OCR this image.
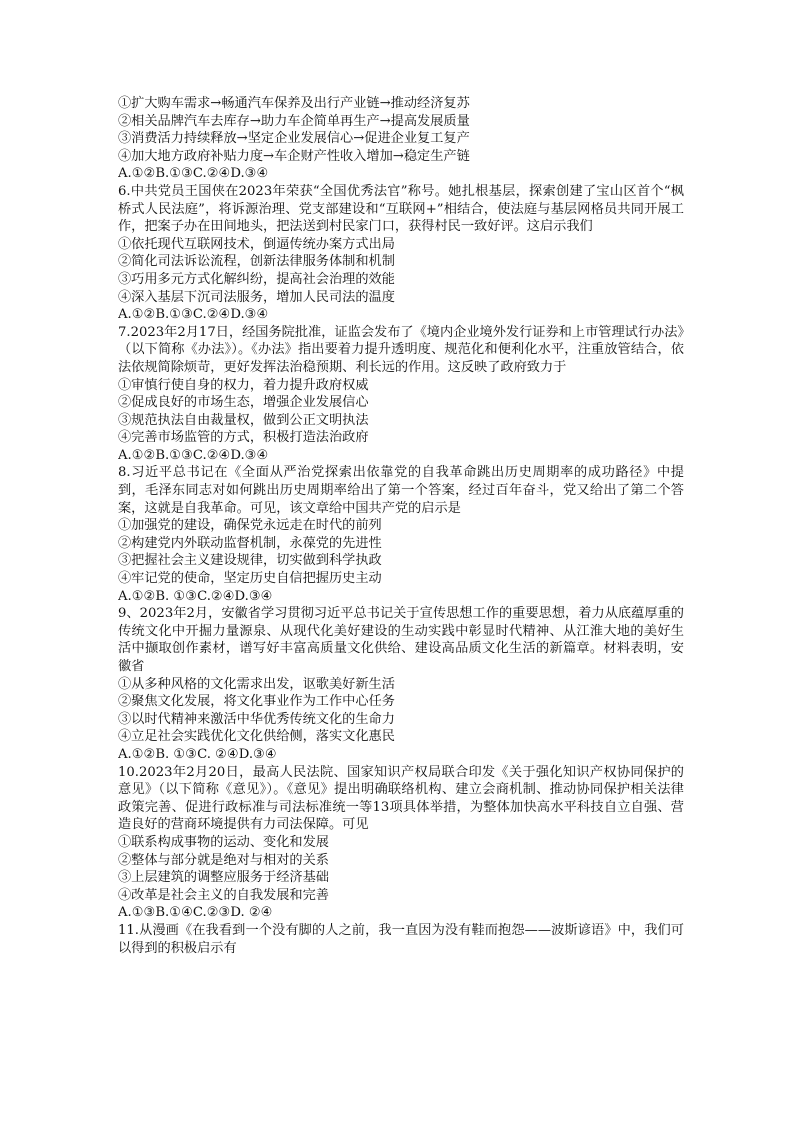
①扩大购车需求→畅通汽车保养及出行产业链→推动经济复苏
②相关品牌汽车去库存→助力车企简单再生产→提高发展质量
③消费活力持续释放→坚定企业发展信心→促进企业复工复产
④加大地方政府补贴力度→车企财产性收入增加→稳定生产链
A.①②B.①③C.②④D.③④

6.中共党员王国侠在2023年荣获“全国优秀法官”称号。她扎根基层，探索创建了宝山区首个“枫桥式人民法庭”，将诉源治理、党支部建设和“互联网+”相结合，使法庭与基层网格员共同开展工作，把案子办在田间地头，把法送到村民家门口，获得村民一致好评。这启示我们

①依托现代互联网技术，倒逼传统办案方式出局
②简化司法诉讼流程，创新法律服务体制和机制
③巧用多元方式化解纠纷，提高社会治理的效能
④深入基层下沉司法服务，增加人民司法的温度
A.①②B.①③C.②④D.③④

7.2023年2月17日，经国务院批准，证监会发布了《境内企业境外发行证券和上市管理试行办法》（以下简称《办法》）。《办法》指出要着力提升透明度、规范化和便利化水平，注重放管结合，依法依规简除烦苛，更好发挥法治稳预期、利长远的作用。这反映了政府致力于

①审慎行使自身的权力，着力提升政府权威
②促成良好的市场生态，增强企业发展信心
③规范执法自由裁量权，做到公正文明执法
④完善市场监管的方式，积极打造法治政府
A.①②B.①③C.②④D.③④

8.习近平总书记在《全面从严治党探索出依靠党的自我革命跳出历史周期率的成功路径》中提到，毛泽东同志对如何跳出历史周期率给出了第一个答案，经过百年奋斗，党又给出了第二个答案，这就是自我革命。可见，该文章给中国共产党的启示是

①加强党的建设，确保党永远走在时代的前列
②构建党内外联动监督机制，永葆党的先进性
③把握社会主义建设规律，切实做到科学执政
④牢记党的使命，坚定历史自信把握历史主动
A.①②B. ①③C.②④D.③④

9、2023年2月，安徽省学习贯彻习近平总书记关于宣传思想工作的重要思想，着力从底蕴厚重的传统文化中开掘力量源泉、从现代化美好建设的生动实践中彰显时代精神、从江淮大地的美好生活中撷取创作素材，谱写好丰富高质量文化供给、建设高品质文化生活的新篇章。材料表明，安徽省

①从多种风格的文化需求出发，讴歌美好新生活
②聚焦文化发展，将文化事业作为工作中心任务
③以时代精神来激活中华优秀传统文化的生命力
④立足社会实践优化文化供给侧，落实文化惠民
A.①②B. ①③C. ②④D.③④

10.2023年2月20日，最高人民法院、国家知识产权局联合印发《关于强化知识产权协同保护的意见》（以下简称《意见》）。《意见》提出明确联络机构、建立会商机制、推动协同保护相关法律政策完善、促进行政标准与司法标准统一等13项具体举措，为整体加快高水平科技自立自强、营造良好的营商环境提供有力司法保障。可见

①联系构成事物的运动、变化和发展
②整体与部分就是绝对与相对的关系
③上层建筑的调整应服务于经济基础
④改革是社会主义的自我发展和完善
A.①③B.①④C.②③D. ②④

11.从漫画《在我看到一个没有脚的人之前，我一直因为没有鞋而抱怨——波斯谚语》中，我们可以得到的积极启示有
